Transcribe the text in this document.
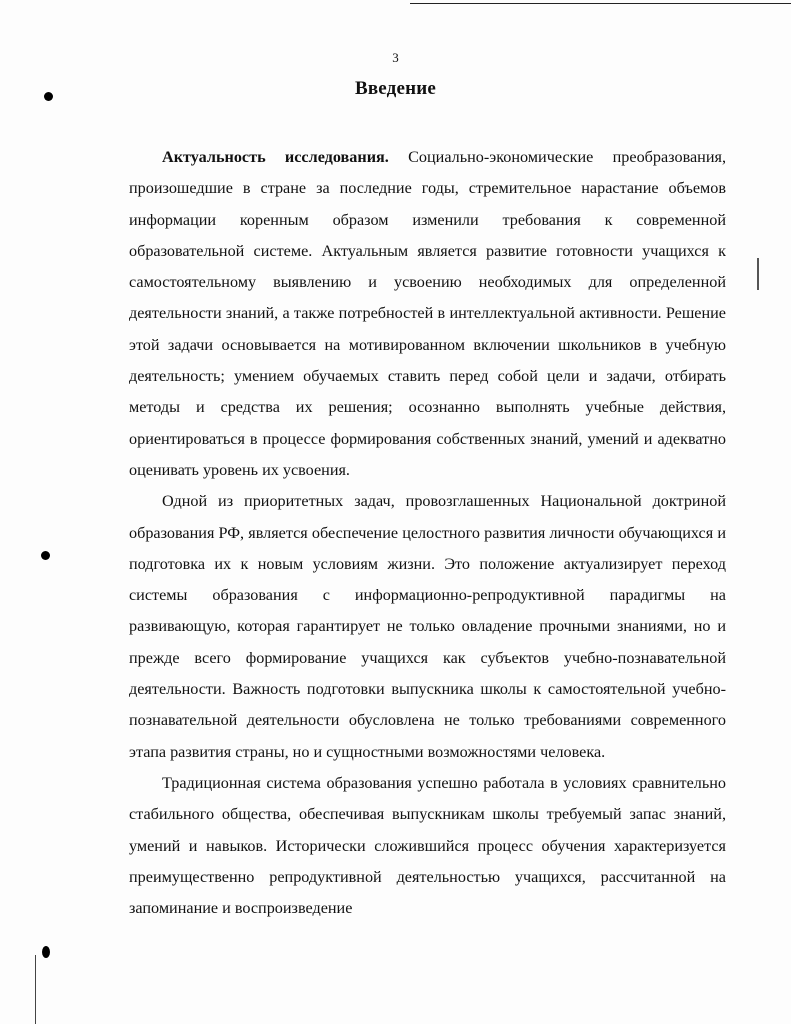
3
Введение

Актуальность исследования. Социально-экономические преобразования, произошедшие в стране за последние годы, стремительное нарастание объемов информации коренным образом изменили требования к современной образовательной системе. Актуальным является развитие готовности учащихся к самостоятельному выявлению и усвоению необходимых для определенной деятельности знаний, а также потребностей в интеллектуальной активности. Решение этой задачи основывается на мотивированном включении школьников в учебную деятельность; умением обучаемых ставить перед собой цели и задачи, отбирать методы и средства их решения; осознанно выполнять учебные действия, ориентироваться в процессе формирования собственных знаний, умений и адекватно оценивать уровень их усвоения.

Одной из приоритетных задач, провозглашенных Национальной доктриной образования РФ, является обеспечение целостного развития личности обучающихся и подготовка их к новым условиям жизни. Это положение актуализирует переход системы образования с информационно-репродуктивной парадигмы на развивающую, которая гарантирует не только овладение прочными знаниями, но и прежде всего формирование учащихся как субъектов учебно-познавательной деятельности. Важность подготовки выпускника школы к самостоятельной учебно-познавательной деятельности обусловлена не только требованиями современного этапа развития страны, но и сущностными возможностями человека.

Традиционная система образования успешно работала в условиях сравнительно стабильного общества, обеспечивая выпускникам школы требуемый запас знаний, умений и навыков. Исторически сложившийся процесс обучения характеризуется преимущественно репродуктивной деятельностью учащихся, рассчитанной на запоминание и воспроизведение
